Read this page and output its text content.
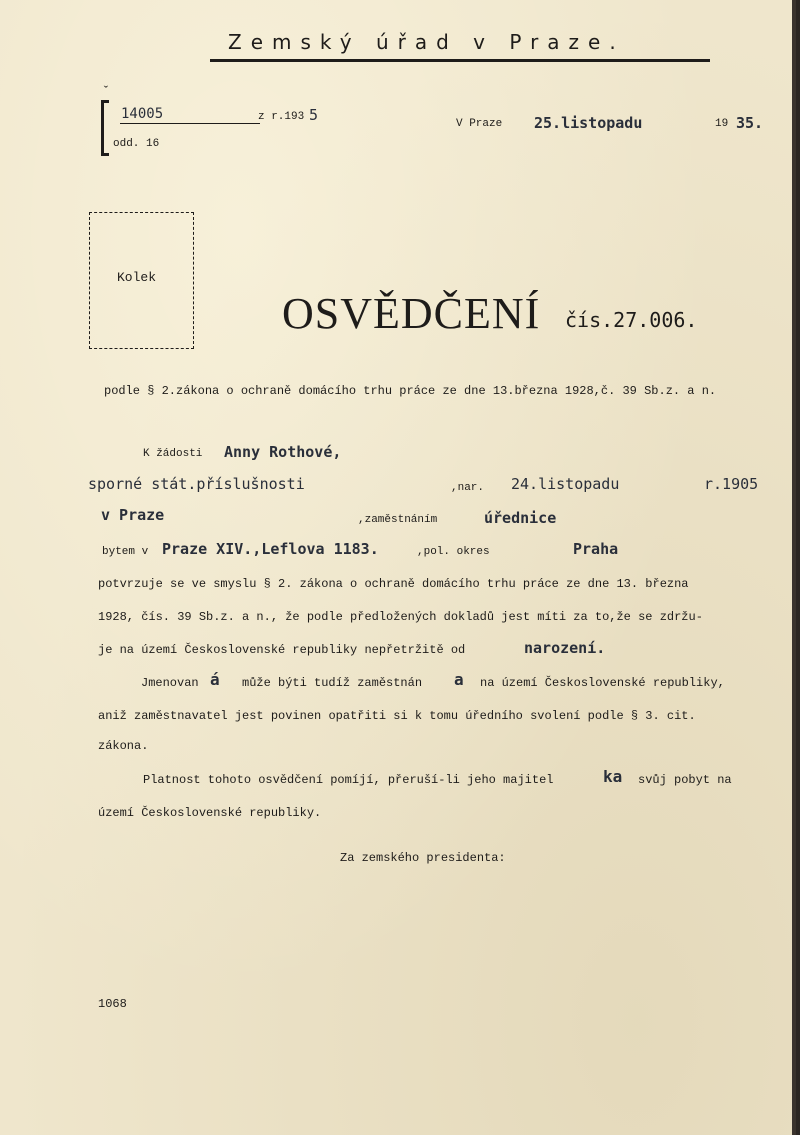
Zemský úřad v Praze.
ˇ
14005	z r.193 5
odd. 16
V Praze 25.listopadu	19 35.
Kolek
OSVĚDČENÍ čís.27.006.
podle § 2.zákona o ochraně domácího trhu práce ze dne 13.března 1928,č. 39 Sb.z. a n.
K žádosti Anny Rothové,
sporné stát.příslušnosti	,nar. 24.listopadu	r.1905
v Praze	,zaměstnáním	úřednice
bytem v Praze XIV.,Leflova 1183.	,pol. okres	Praha
potvrzuje se ve smyslu § 2. zákona o ochraně domácího trhu práce ze dne 13. března
1928, čís. 39 Sb.z. a n., že podle předložených dokladů jest míti za to,že se zdržu-
je na území Československé republiky nepřetržitě od	narození.
Jmenovan á může býti tudíž zaměstnán a na území Československé republiky,
aniž zaměstnavatel jest povinen opatřiti si k tomu úředního svolení podle § 3. cit.
zákona.
Platnost tohoto osvědčení pomíjí, přeruší-li jeho majitel	ka svůj pobyt na
území Československé republiky.
Za zemského presidenta:
1068
